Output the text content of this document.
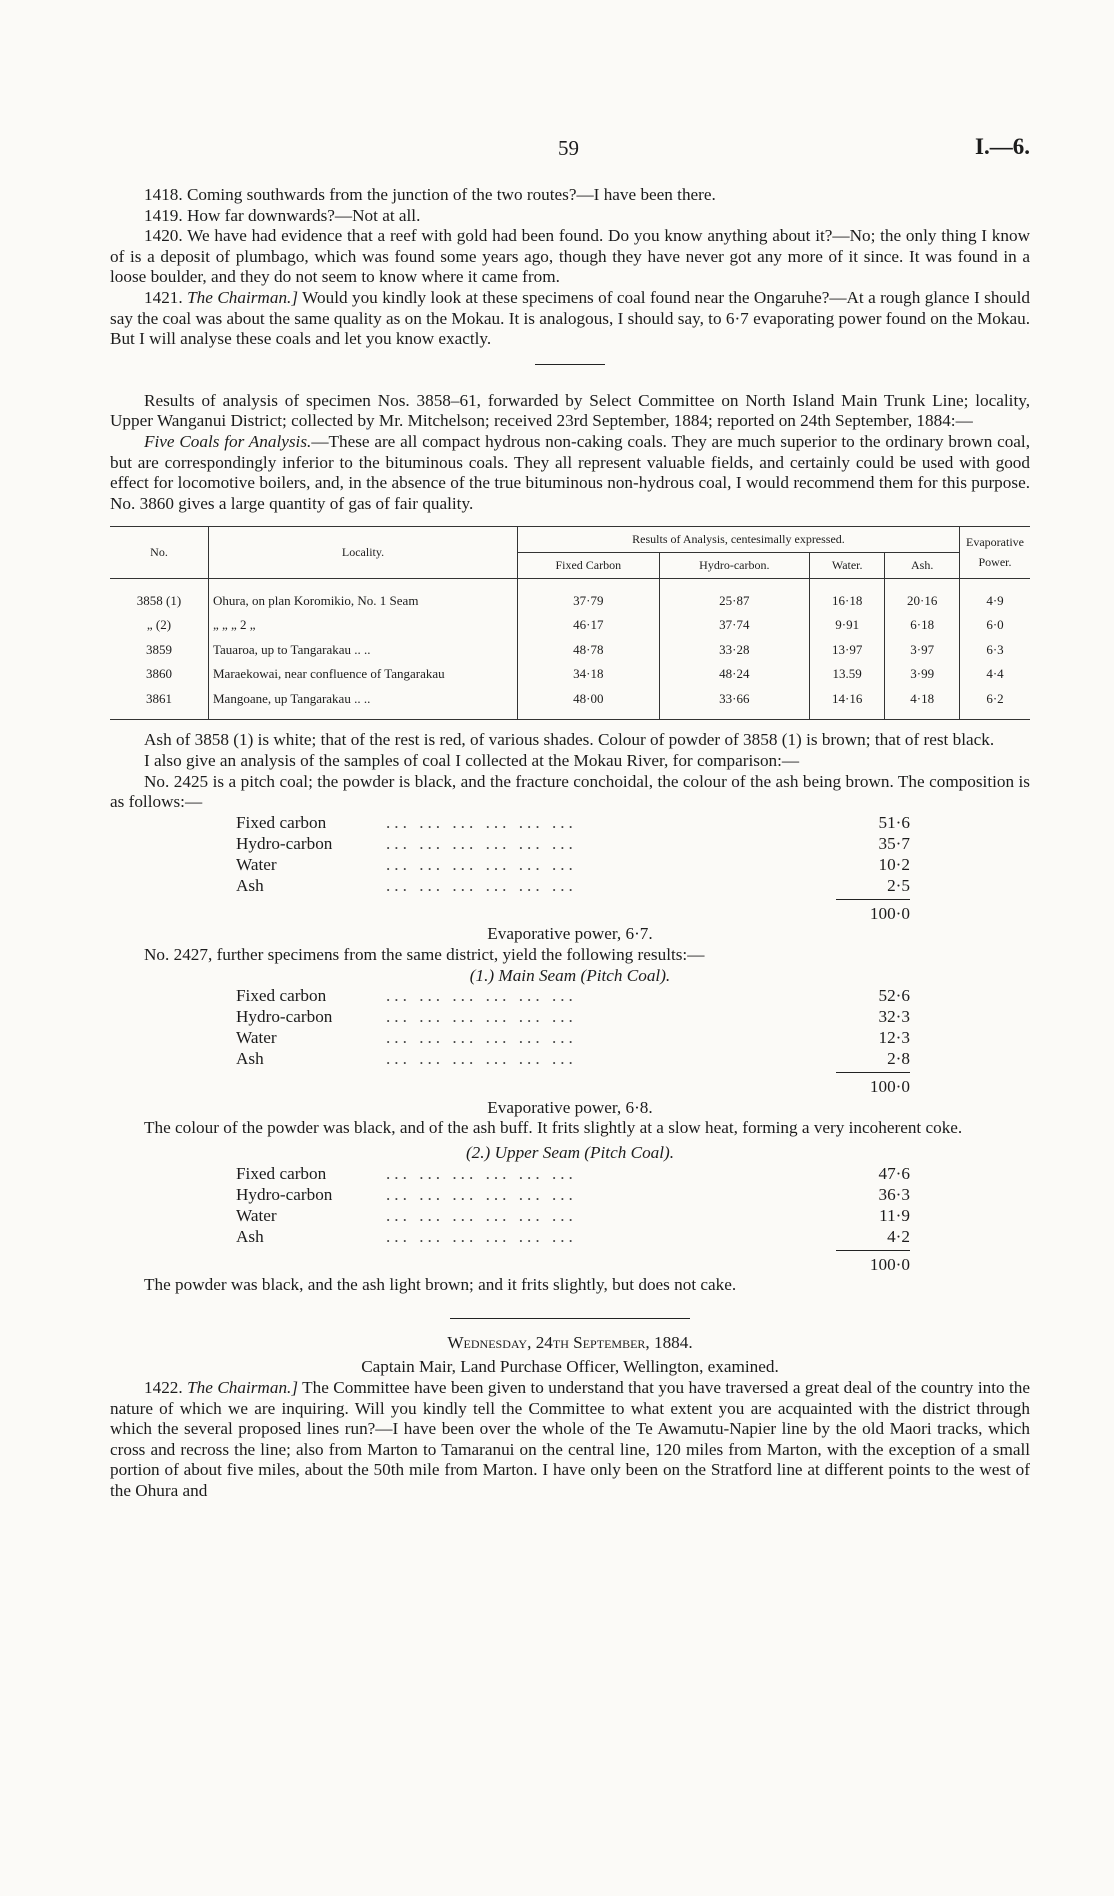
59	I.—6.

1418. Coming southwards from the junction of the two routes?—I have been there.

1419. How far downwards?—Not at all.

1420. We have had evidence that a reef with gold had been found. Do you know anything about it?—No; the only thing I know of is a deposit of plumbago, which was found some years ago, though they have never got any more of it since. It was found in a loose boulder, and they do not seem to know where it came from.

1421. The Chairman.] Would you kindly look at these specimens of coal found near the Ongaruhe?—At a rough glance I should say the coal was about the same quality as on the Mokau. It is analogous, I should say, to 6·7 evaporating power found on the Mokau. But I will analyse these coals and let you know exactly.

Results of analysis of specimen Nos. 3858–61, forwarded by Select Committee on North Island Main Trunk Line; locality, Upper Wanganui District; collected by Mr. Mitchelson; received 23rd September, 1884; reported on 24th September, 1884:—

Five Coals for Analysis.—These are all compact hydrous non-caking coals. They are much superior to the ordinary brown coal, but are correspondingly inferior to the bituminous coals. They all represent valuable fields, and certainly could be used with good effect for locomotive boilers, and, in the absence of the true bituminous non-hydrous coal, I would recommend them for this purpose. No. 3860 gives a large quantity of gas of fair quality.

No.	Locality.	Results of Analysis, centesimally expressed.				Evaporative Power.
		Fixed Carbon	Hydro-carbon.	Water.	Ash.	
3858 (1)	Ohura, on plan Koromikio, No. 1 Seam	37·79	25·87	16·18	20·16	4·9
„ (2)	„ „ „ 2 „	46·17	37·74	9·91	6·18	6·0
3859	Tauaroa, up to Tangarakau .. ..	48·78	33·28	13·97	3·97	6·3
3860	Maraekowai, near confluence of Tangarakau	34·18	48·24	13.59	3·99	4·4
3861	Mangoane, up Tangarakau .. ..	48·00	33·66	14·16	4·18	6·2

Ash of 3858 (1) is white; that of the rest is red, of various shades. Colour of powder of 3858 (1) is brown; that of rest black.

I also give an analysis of the samples of coal I collected at the Mokau River, for comparison:—

No. 2425 is a pitch coal; the powder is black, and the fracture conchoidal, the colour of the ash being brown. The composition is as follows:—

Fixed carbon	... ... ... ... ... ...	51·6
Hydro-carbon	... ... ... ... ... ...	35·7
Water	... ... ... ... ... ...	10·2
Ash	... ... ... ... ... ...	2·5
100·0

Evaporative power, 6·7.

No. 2427, further specimens from the same district, yield the following results:—

(1.) Main Seam (Pitch Coal).

Fixed carbon	... ... ... ... ... ...	52·6
Hydro-carbon	... ... ... ... ... ...	32·3
Water	... ... ... ... ... ...	12·3
Ash	... ... ... ... ... ...	2·8
100·0

Evaporative power, 6·8.

The colour of the powder was black, and of the ash buff. It frits slightly at a slow heat, forming a very incoherent coke.

(2.) Upper Seam (Pitch Coal).

Fixed carbon	... ... ... ... ... ...	47·6
Hydro-carbon	... ... ... ... ... ...	36·3
Water	... ... ... ... ... ...	11·9
Ash	... ... ... ... ... ...	4·2
100·0

The powder was black, and the ash light brown; and it frits slightly, but does not cake.

Wednesday, 24th September, 1884.

Captain Mair, Land Purchase Officer, Wellington, examined.

1422. The Chairman.] The Committee have been given to understand that you have traversed a great deal of the country into the nature of which we are inquiring. Will you kindly tell the Committee to what extent you are acquainted with the district through which the several proposed lines run?—I have been over the whole of the Te Awamutu-Napier line by the old Maori tracks, which cross and recross the line; also from Marton to Tamaranui on the central line, 120 miles from Marton, with the exception of a small portion of about five miles, about the 50th mile from Marton. I have only been on the Stratford line at different points to the west of the Ohura and
